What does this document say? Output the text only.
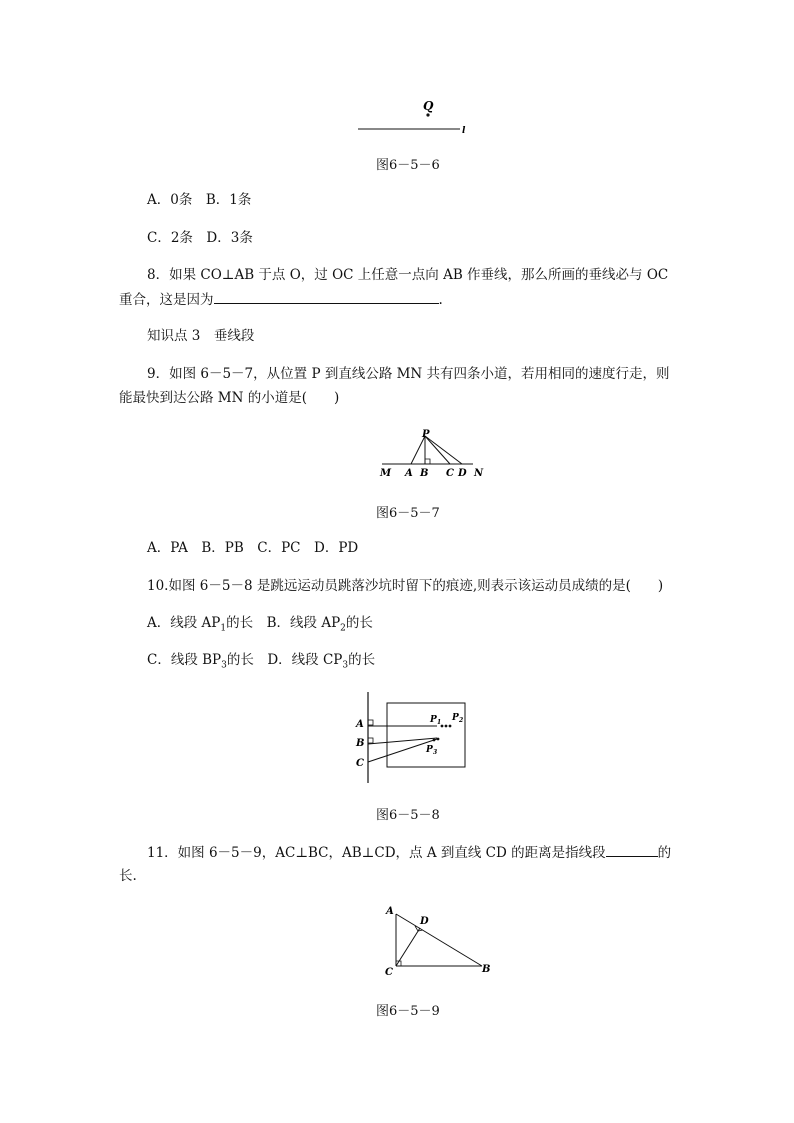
Q
l
图6－5－6
A．0条　B．1条
C．2条　D．3条
8．如果 CO⊥AB 于点 O，过 OC 上任意一点向 AB 作垂线，那么所画的垂线必与 OC
重合，这是因为	.
知识点 3　垂线段
9．如图 6－5－7，从位置 P 到直线公路 MN 共有四条小道，若用相同的速度行走，则
能最快到达公路 MN 的小道是(　　)
P
M A B C D N
图6－5－7
A．PA　B．PB　C．PC　D．PD
10.如图 6－5－8 是跳远运动员跳落沙坑时留下的痕迹,则表示该运动员成绩的是(　　)
A．线段 $AP_1$的长　 B．线段 $AP_2$的长
C．线段 $BP_3$的长　 D．线段 $CP_3$的长
A
B
C
P 1 P 2
P 3
图6－5－8
11．如图 6－5－9，AC⊥BC，AB⊥CD，点 A 到直线 CD 的距离是指线段	的
长.
A
D
C	B
图6－5－9
